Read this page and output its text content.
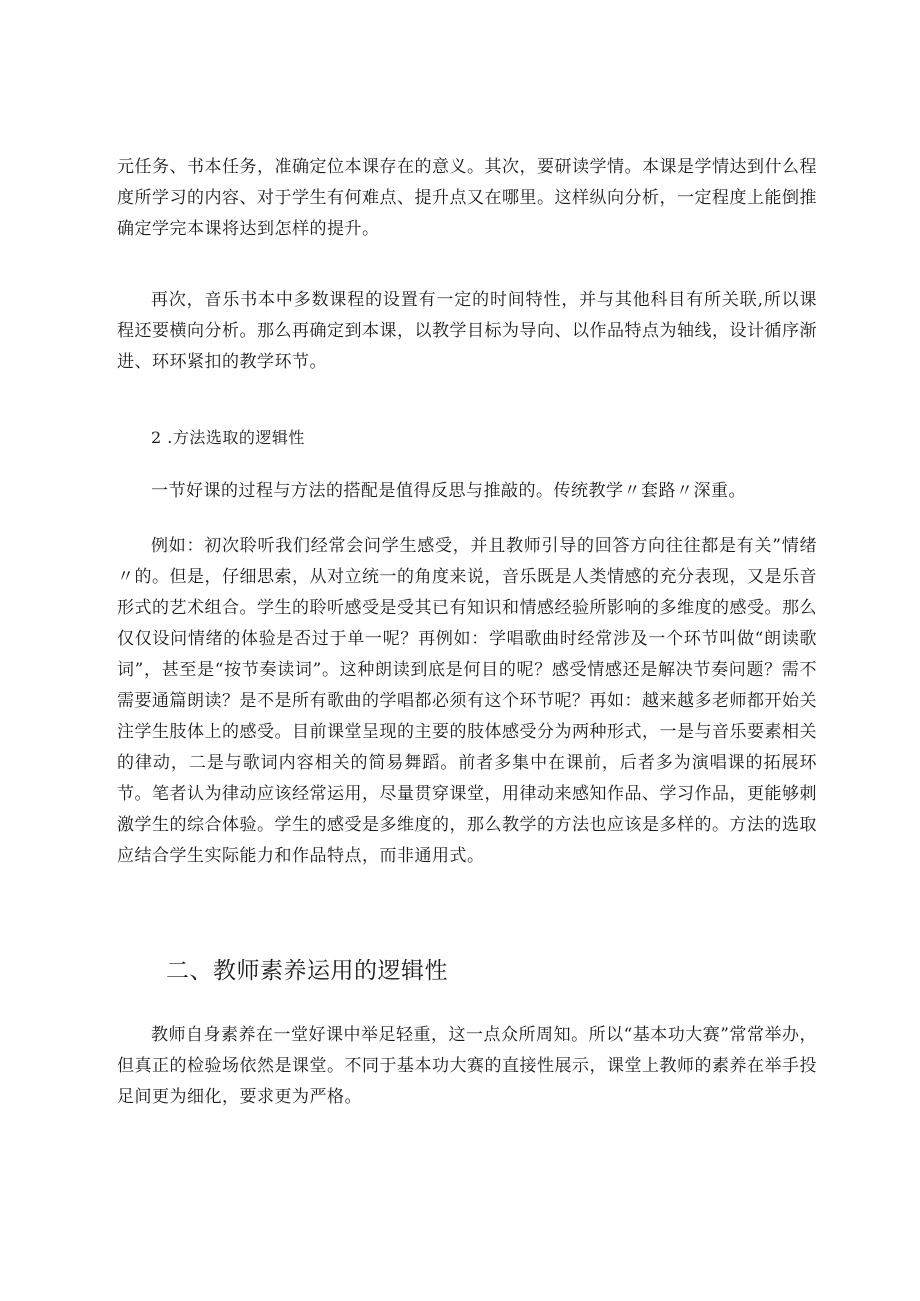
元任务、书本任务，准确定位本课存在的意义。其次，要研读学情。本课是学情达到什么程度所学习的内容、对于学生有何难点、提升点又在哪里。这样纵向分析，一定程度上能倒推确定学完本课将达到怎样的提升。

再次，音乐书本中多数课程的设置有一定的时间特性，并与其他科目有所关联,所以课程还要横向分析。那么再确定到本课，以教学目标为导向、以作品特点为轴线，设计循序渐进、环环紧扣的教学环节。

2 .方法选取的逻辑性

一节好课的过程与方法的搭配是值得反思与推敲的。传统教学〃套路〃深重。

例如：初次聆听我们经常会问学生感受，并且教师引导的回答方向往往都是有关”情绪〃的。但是，仔细思索，从对立统一的角度来说，音乐既是人类情感的充分表现，又是乐音形式的艺术组合。学生的聆听感受是受其已有知识和情感经验所影响的多维度的感受。那么仅仅设问情绪的体验是否过于单一呢？再例如：学唱歌曲时经常涉及一个环节叫做“朗读歌词”，甚至是“按节奏读词”。这种朗读到底是何目的呢？感受情感还是解决节奏问题？需不需要通篇朗读？是不是所有歌曲的学唱都必须有这个环节呢？再如：越来越多老师都开始关注学生肢体上的感受。目前课堂呈现的主要的肢体感受分为两种形式，一是与音乐要素相关的律动，二是与歌词内容相关的简易舞蹈。前者多集中在课前，后者多为演唱课的拓展环节。笔者认为律动应该经常运用，尽量贯穿课堂，用律动来感知作品、学习作品，更能够刺激学生的综合体验。学生的感受是多维度的，那么教学的方法也应该是多样的。方法的选取应结合学生实际能力和作品特点，而非通用式。

二、教师素养运用的逻辑性

教师自身素养在一堂好课中举足轻重，这一点众所周知。所以“基本功大赛”常常举办，但真正的检验场依然是课堂。不同于基本功大赛的直接性展示，课堂上教师的素养在举手投足间更为细化，要求更为严格。
